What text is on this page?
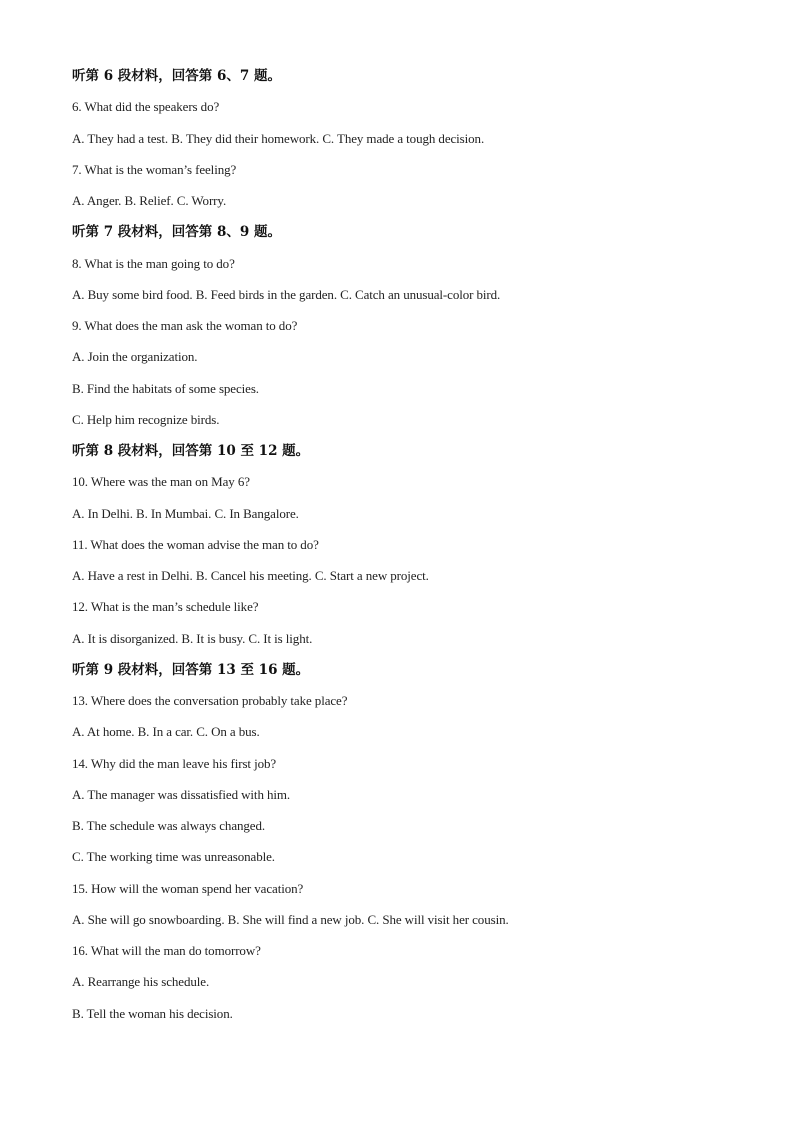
听第 6 段材料，回答第 6、7 题。
6. What did the speakers do?
A. They had a test. B. They did their homework. C. They made a tough decision.
7. What is the woman’s feeling?
A. Anger. B. Relief. C. Worry.
听第 7 段材料，回答第 8、9 题。
8. What is the man going to do?
A. Buy some bird food. B. Feed birds in the garden. C. Catch an unusual-color bird.
9. What does the man ask the woman to do?
A. Join the organization.
B. Find the habitats of some species.
C. Help him recognize birds.
听第 8 段材料，回答第 10 至 12 题。
10. Where was the man on May 6?
A. In Delhi. B. In Mumbai. C. In Bangalore.
11. What does the woman advise the man to do?
A. Have a rest in Delhi. B. Cancel his meeting. C. Start a new project.
12. What is the man’s schedule like?
A. It is disorganized. B. It is busy. C. It is light.
听第 9 段材料，回答第 13 至 16 题。
13. Where does the conversation probably take place?
A. At home. B. In a car. C. On a bus.
14. Why did the man leave his first job?
A. The manager was dissatisfied with him.
B. The schedule was always changed.
C. The working time was unreasonable.
15. How will the woman spend her vacation?
A. She will go snowboarding. B. She will find a new job. C. She will visit her cousin.
16. What will the man do tomorrow?
A. Rearrange his schedule.
B. Tell the woman his decision.
